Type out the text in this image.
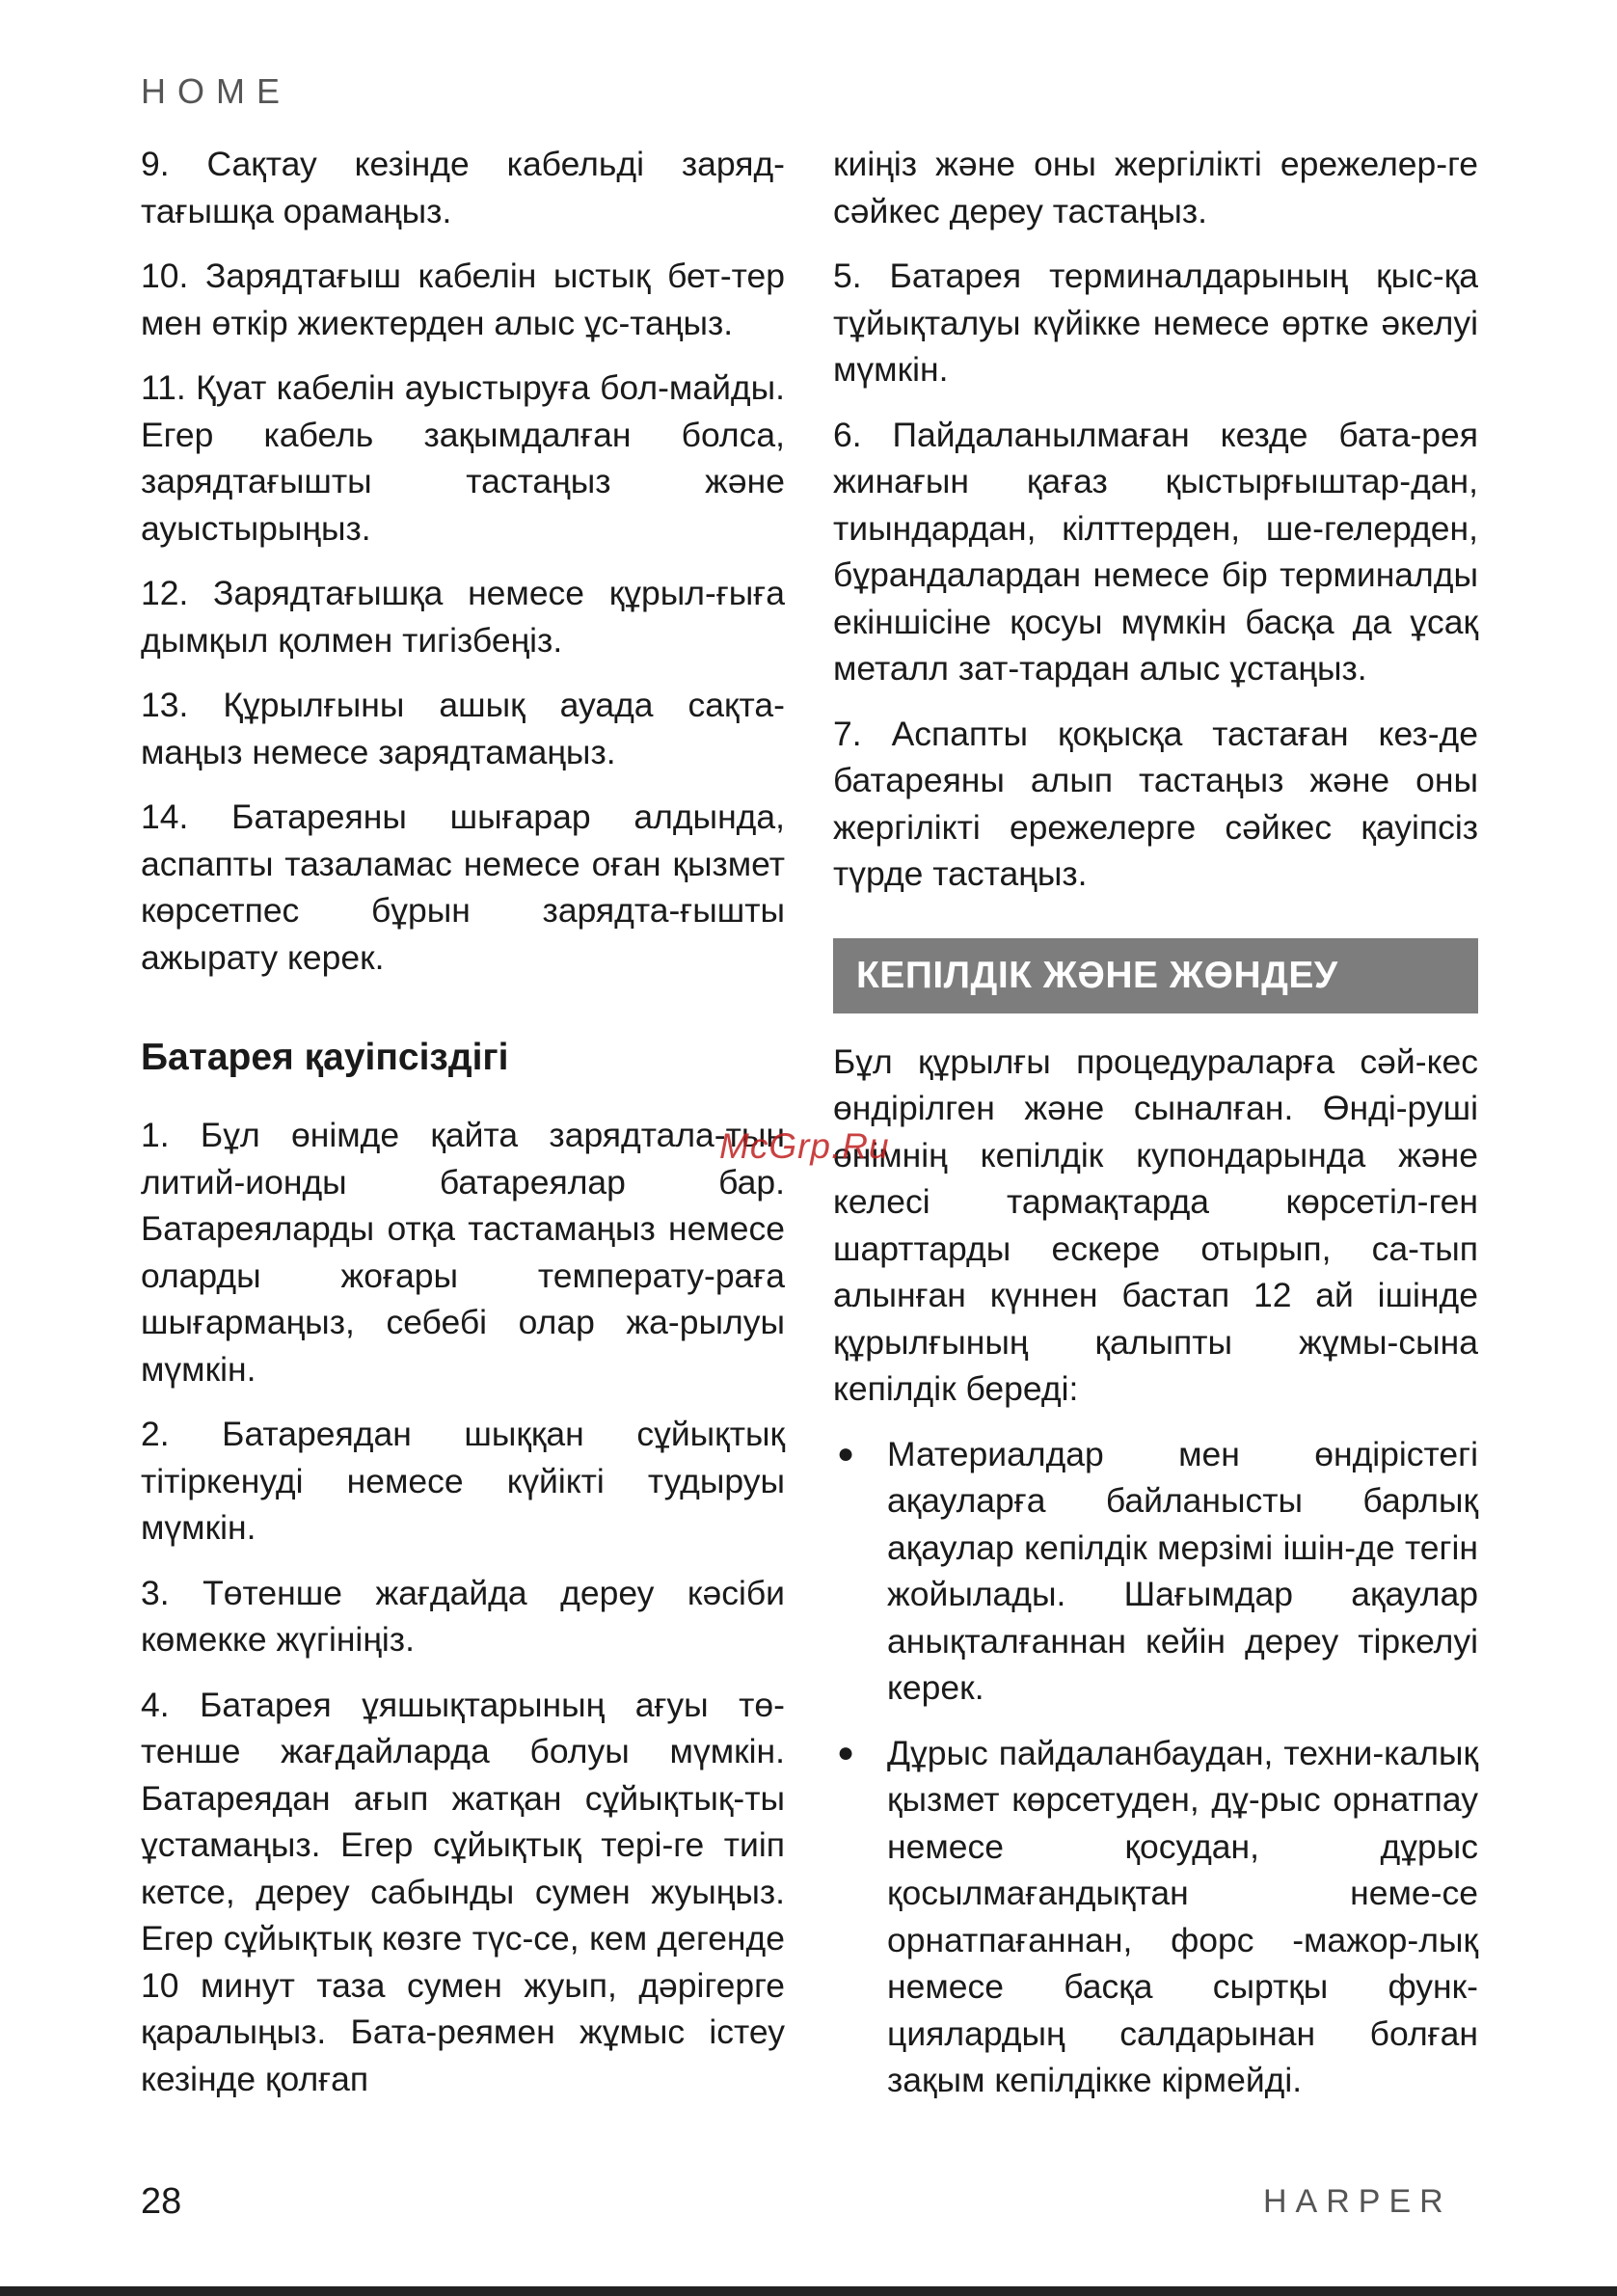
HOME

9. Сақтау кезінде кабельді заряд-тағышқа орамаңыз.

10. Зарядтағыш кабелін ыстық бет-тер мен өткір жиектерден алыс ұс-таңыз.

11. Қуат кабелін ауыстыруға бол-майды. Егер кабель зақымдалған болса, зарядтағышты тастаңыз және ауыстырыңыз.

12. Зарядтағышқа немесе құрыл-ғыға дымқыл қолмен тигізбеңіз.

13. Құрылғыны ашық ауада сақта-маңыз немесе зарядтамаңыз.

14. Батареяны шығарар алдында, аспапты тазаламас немесе оған қызмет көрсетпес бұрын зарядта-ғышты ажырату керек.

Батарея қауіпсіздігі

1. Бұл өнімде қайта зарядтала-тын литий-ионды батареялар бар. Батареяларды отқа тастамаңыз немесе оларды жоғары температу-раға шығармаңыз, себебі олар жа-рылуы мүмкін.

2. Батареядан шыққан сұйықтық тітіркенуді немесе күйікті тудыруы мүмкін.

3. Төтенше жағдайда дереу кәсіби көмекке жүгініңіз.

4. Батарея ұяшықтарының ағуы тө-тенше жағдайларда болуы мүмкін. Батареядан ағып жатқан сұйықтық-ты ұстамаңыз. Егер сұйықтық тері-ге тиіп кетсе, дереу сабынды сумен жуыңыз. Егер сұйықтық көзге түс-се, кем дегенде 10 минут таза сумен жуып, дәрігерге қаралыңыз. Бата-реямен жұмыс істеу кезінде қолғап

киіңіз және оны жергілікті ережелер-ге сәйкес дереу тастаңыз.

5. Батарея терминалдарының қыс-қа тұйықталуы күйікке немесе өртке әкелуі мүмкін.

6. Пайдаланылмаған кезде бата-рея жинағын қағаз қыстырғыштар-дан, тиындардан, кілттерден, ше-гелерден, бұрандалардан немесе бір терминалды екіншісіне қосуы мүмкін басқа да ұсақ металл зат-тардан алыс ұстаңыз.

7. Аспапты қоқысқа тастаған кез-де батареяны алып тастаңыз және оны жергілікті ережелерге сәйкес қауіпсіз түрде тастаңыз.

КЕПІЛДІК ЖӘНЕ ЖӨНДЕУ

Бұл құрылғы процедураларға сәй-кес өндірілген және сыналған. Өнді-руші өнімнің кепілдік купондарында және келесі тармақтарда көрсетіл-ген шарттарды ескере отырып, са-тып алынған күннен бастап 12 ай ішінде құрылғының қалыпты жұмы-сына кепілдік береді:

● Материалдар мен өндірістегі ақауларға байланысты барлық ақаулар кепілдік мерзімі ішін-де тегін жойылады. Шағымдар ақаулар анықталғаннан кейін дереу тіркелуі керек.
● Дұрыс пайдаланбаудан, техни-калық қызмет көрсетуден, дұ-рыс орнатпау немесе қосудан, дұрыс қосылмағандықтан неме-се орнатпағаннан, форс -мажор-лық немесе басқа сыртқы функ-циялардың салдарынан болған зақым кепілдікке кірмейді.
McGrp.Ru
28	HARPER
